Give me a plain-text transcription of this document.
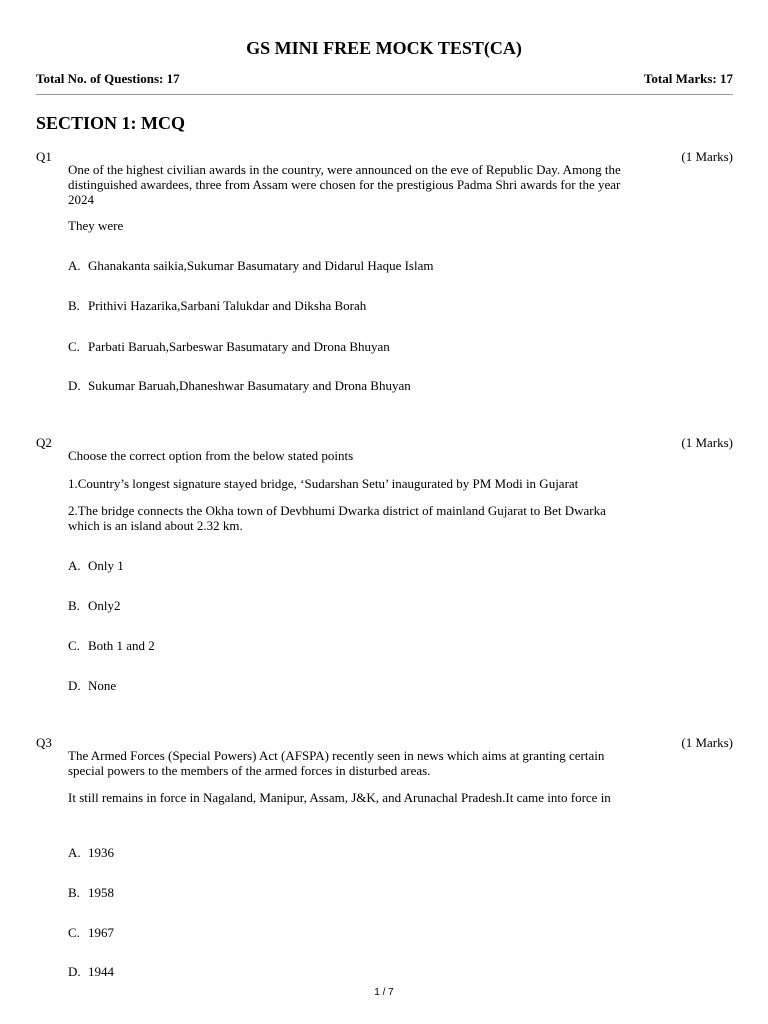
GS MINI FREE MOCK TEST(CA)
Total No. of Questions: 17	Total Marks: 17
SECTION 1: MCQ
Q1	(1 Marks)
One of the highest civilian awards in the country, were announced on the eve of Republic Day. Among the distinguished awardees, three from Assam were chosen for the prestigious Padma Shri awards for the year 2024
They were
A. Ghanakanta saikia,Sukumar Basumatary and Didarul Haque Islam
B. Prithivi Hazarika,Sarbani Talukdar and Diksha Borah
C. Parbati Baruah,Sarbeswar Basumatary and Drona Bhuyan
D. Sukumar Baruah,Dhaneshwar Basumatary and Drona Bhuyan
Q2	(1 Marks)
Choose the correct option from the below stated points
1.Country’s longest signature stayed bridge, ‘Sudarshan Setu’ inaugurated by PM Modi in Gujarat
2.The bridge connects the Okha town of Devbhumi Dwarka district of mainland Gujarat to Bet Dwarka which is an island about 2.32 km.
A. Only 1
B. Only2
C. Both 1 and 2
D. None
Q3	(1 Marks)
The Armed Forces (Special Powers) Act (AFSPA) recently seen in news which aims at granting certain special powers to the members of the armed forces in disturbed areas.
It still remains in force in Nagaland, Manipur, Assam, J&K, and Arunachal Pradesh.It came into force in
A. 1936
B. 1958
C. 1967
D. 1944
1 / 7
